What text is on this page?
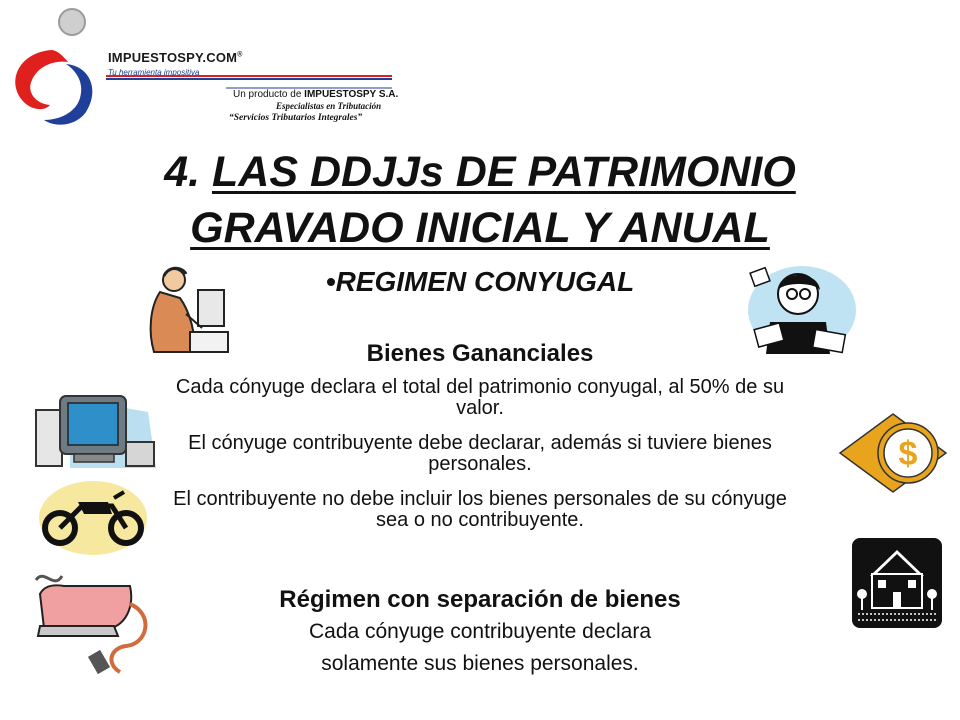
IMPUESTOSPY.COM®
Tu herramienta impositiva
Un producto de IMPUESTOSPY S.A.
Especialistas en Tributación
“Servicios Tributarios Integrales”
4. LAS DDJJs DE PATRIMONIO
GRAVADO INICIAL Y ANUAL
•REGIMEN CONYUGAL
Bienes Gananciales
Cada cónyuge declara el total del patrimonio conyugal, al 50% de su valor.
El cónyuge contribuyente debe declarar, además si tuviere bienes personales.
El contribuyente no debe incluir los bienes personales de su cónyuge sea o no contribuyente.
Régimen con separación de bienes
Cada cónyuge contribuyente declara
solamente sus bienes personales.
$
